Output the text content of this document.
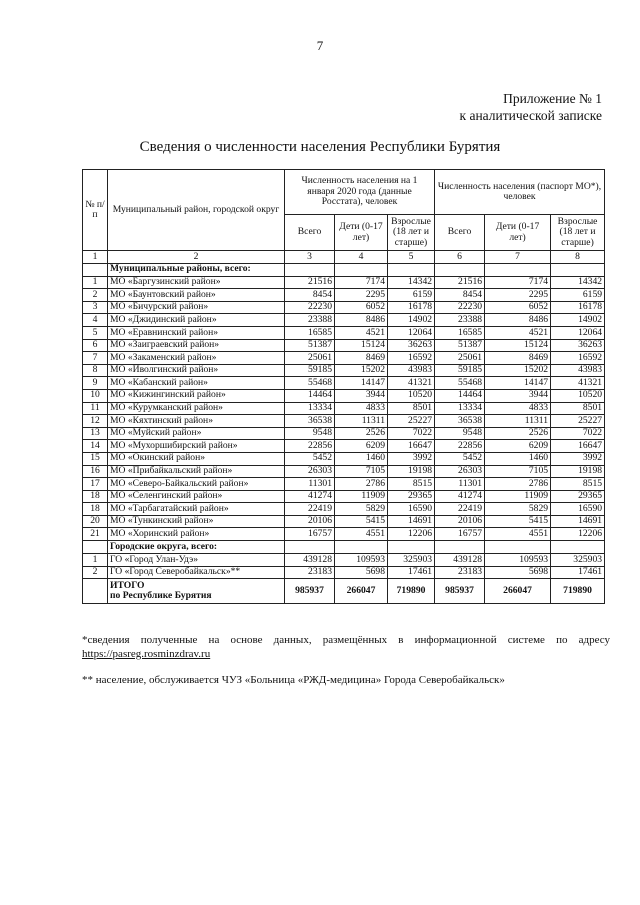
7
Приложение № 1
к аналитической записке
Сведения о численности населения Республики Бурятия
№ п/п	Муниципальный район, городской округ	Численность населения на 1 января 2020 года (данные Росстата), человек			Численность населения (паспорт МО*), человек		
		Всего	Дети (0-17 лет)	Взрослые (18 лет и старше)	Всего	Дети (0-17 лет)	Взрослые (18 лет и старше)
1	2	3	4	5	6	7	8
	Муниципальные районы, всего:						
1	МО «Баргузинский район»	21516	7174	14342	21516	7174	14342
2	МО «Баунтовский район»	8454	2295	6159	8454	2295	6159
3	МО «Бичурский район»	22230	6052	16178	22230	6052	16178
4	МО «Джидинский район»	23388	8486	14902	23388	8486	14902
5	МО «Еравнинский район»	16585	4521	12064	16585	4521	12064
6	МО «Заиграевский район»	51387	15124	36263	51387	15124	36263
7	МО «Закаменский район»	25061	8469	16592	25061	8469	16592
8	МО «Иволгинский район»	59185	15202	43983	59185	15202	43983
9	МО «Кабанский район»	55468	14147	41321	55468	14147	41321
10	МО «Кижингинский район»	14464	3944	10520	14464	3944	10520
11	МО «Курумканский район»	13334	4833	8501	13334	4833	8501
12	МО «Кяхтинский район»	36538	11311	25227	36538	11311	25227
13	МО «Муйский район»	9548	2526	7022	9548	2526	7022
14	МО «Мухоршибирский район»	22856	6209	16647	22856	6209	16647
15	МО «Окинский район»	5452	1460	3992	5452	1460	3992
16	МО «Прибайкальский район»	26303	7105	19198	26303	7105	19198
17	МО «Северо-Байкальский район»	11301	2786	8515	11301	2786	8515
18	МО «Селенгинский район»	41274	11909	29365	41274	11909	29365
18	МО «Тарбагатайский район»	22419	5829	16590	22419	5829	16590
20	МО «Тункинский район»	20106	5415	14691	20106	5415	14691
21	МО «Хоринский район»	16757	4551	12206	16757	4551	12206
	Городские округа, всего:						
1	ГО «Город Улан-Удэ»	439128	109593	325903	439128	109593	325903
2	ГО «Город Северобайкальск»**	23183	5698	17461	23183	5698	17461

	ИТОГО
по Республике Бурятия	985937	266047	719890	985937	266047	719890
*сведения полученные на основе данных, размещённых в информационной системе по адресу
https://pasreg.rosminzdrav.ru
** население, обслуживается ЧУЗ «Больница «РЖД-медицина» Города Северобайкальск»
